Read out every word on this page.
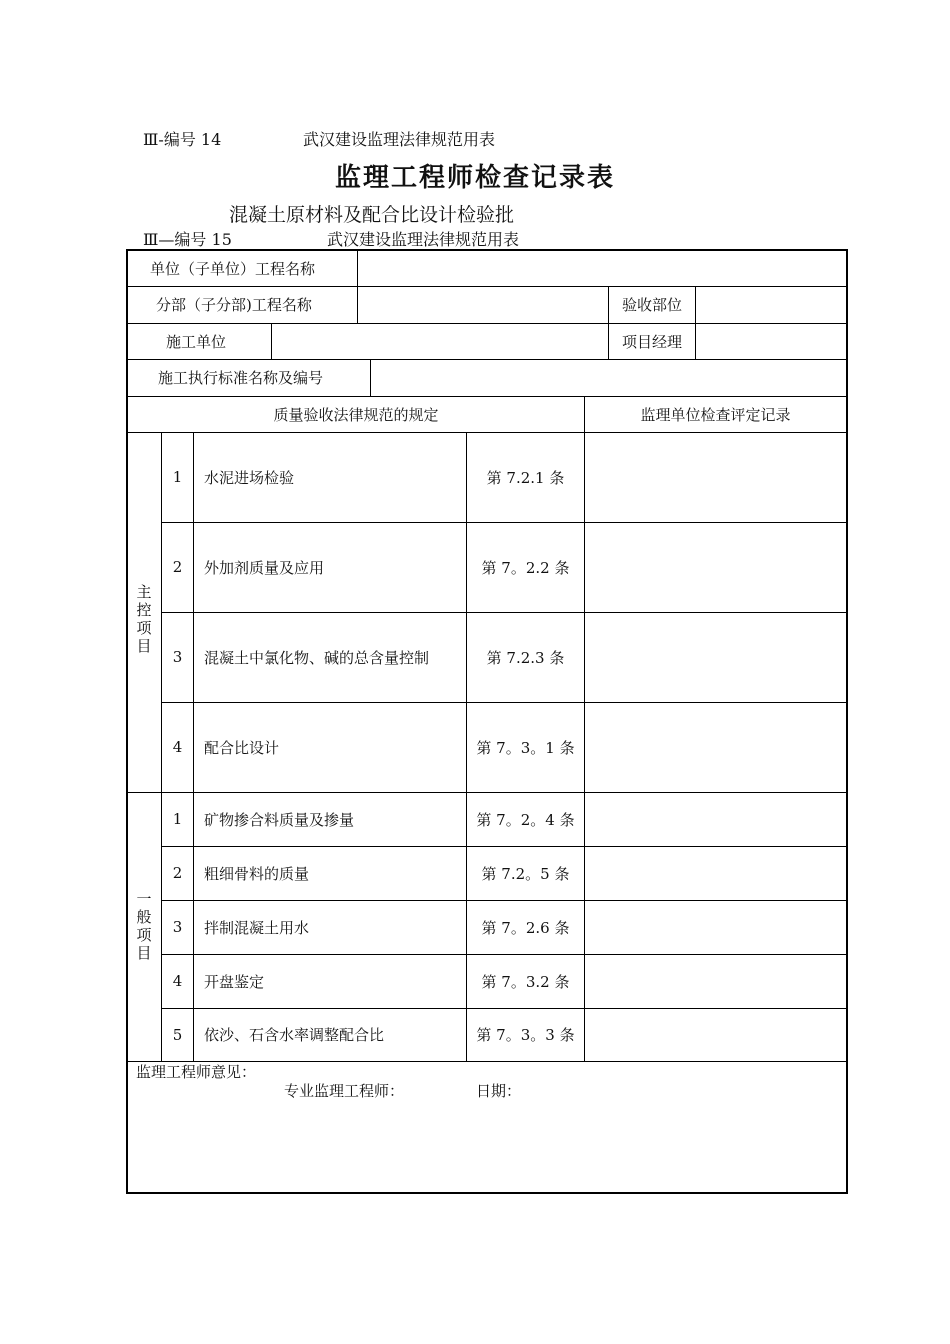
Ⅲ-编号 14	武汉建设监理法律规范用表
监理工程师检查记录表
混凝土原材料及配合比设计检验批
Ⅲ—编号 15	武汉建设监理法律规范用表
单位（子单位）工程名称
分部（子分部)工程名称	验收部位
施工单位	项目经理
施工执行标准名称及编号
质量验收法律规范的规定	监理单位检查评定记录
主控项目
1	水泥进场检验	第 7.2.1 条
2	外加剂质量及应用	第 7。2.2 条
3	混凝土中氯化物、碱的总含量控制	第 7.2.3 条
4	配合比设计	第 7。3。1 条
一般项目
1	矿物掺合料质量及掺量	第 7。2。4 条
2	粗细骨料的质量	第 7.2。5 条
3	拌制混凝土用水	第 7。2.6 条
4	开盘鉴定	第 7。3.2 条
5	依沙、石含水率调整配合比	第 7。3。3 条
监理工程师意见：
专业监理工程师：	日期：
